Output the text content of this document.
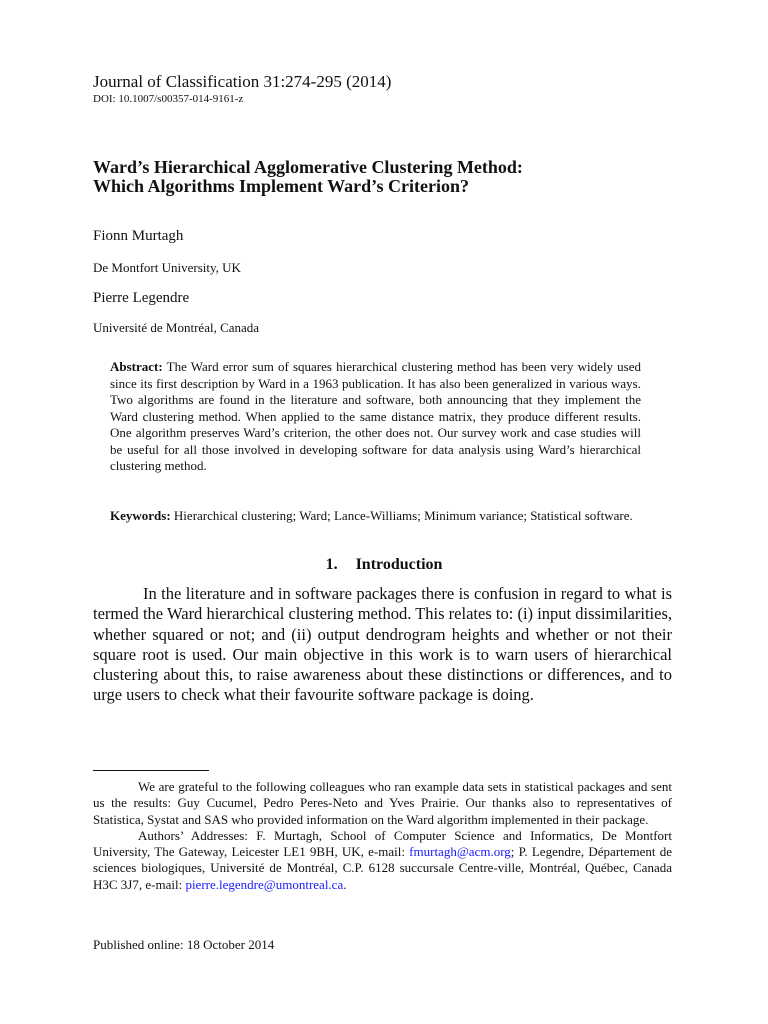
Journal of Classification 31:274-295 (2014)
DOI: 10.1007/s00357-014-9161-z
Ward’s Hierarchical Agglomerative Clustering Method:
Which Algorithms Implement Ward’s Criterion?
Fionn Murtagh
De Montfort University, UK
Pierre Legendre
Université de Montréal, Canada
Abstract: The Ward error sum of squares hierarchical clustering method has been very widely used since its first description by Ward in a 1963 publication. It has also been generalized in various ways. Two algorithms are found in the literature and software, both announcing that they implement the Ward clustering method. When applied to the same distance matrix, they produce different results. One algorithm preserves Ward’s criterion, the other does not. Our survey work and case studies will be useful for all those involved in developing software for data analysis using Ward’s hierarchical clustering method.
Keywords: Hierarchical clustering; Ward; Lance-Williams; Minimum variance; Statistical software.
1. Introduction
In the literature and in software packages there is confusion in regard to what is termed the Ward hierarchical clustering method. This relates to: (i) input dissimilarities, whether squared or not; and (ii) output dendrogram heights and whether or not their square root is used. Our main objective in this work is to warn users of hierarchical clustering about this, to raise awareness about these distinctions or differences, and to urge users to check what their favourite software package is doing.

We are grateful to the following colleagues who ran example data sets in statistical packages and sent us the results: Guy Cucumel, Pedro Peres-Neto and Yves Prairie. Our thanks also to representatives of Statistica, Systat and SAS who provided information on the Ward algorithm implemented in their package.

Authors’ Addresses: F. Murtagh, School of Computer Science and Informatics, De Montfort University, The Gateway, Leicester LE1 9BH, UK, e-mail: fmurtagh@acm.org; P. Legendre, Département de sciences biologiques, Université de Montréal, C.P. 6128 succursale Centre-ville, Montréal, Québec, Canada H3C 3J7, e-mail: pierre.legendre@umontreal.ca.

Published online: 18 October 2014
